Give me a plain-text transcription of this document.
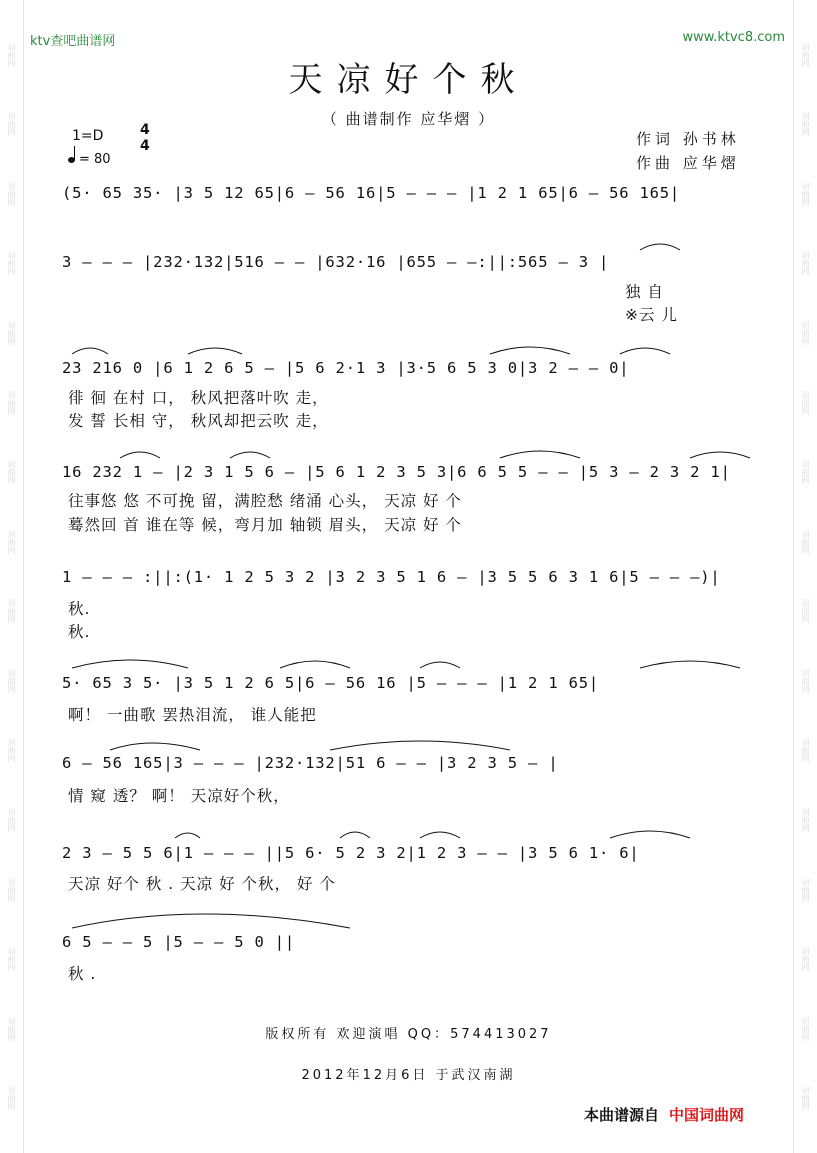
词曲网
词曲网
词曲网
词曲网
词曲网
词曲网
词曲网
词曲网
词曲网
词曲网
词曲网
词曲网
词曲网
词曲网
词曲网
词曲网
词曲网
词曲网
词曲网
词曲网
词曲网
词曲网
词曲网
词曲网
词曲网
词曲网
词曲网
词曲网
词曲网
词曲网
词曲网
词曲网
ktv查吧曲谱网	www.ktvc8.com
天凉好个秋
（ 曲谱制作 应华熠 ）
1=D	4
4
= 80
作词 孙书林
作曲 应华熠
(5· 65 35· |3 5 12 65|6 – 56 16|5 – – – |1 2 1 65|6 – 56 165|
3 – – – |232·132|516 – – |632·16 |655 – –:||:565 – 3 |
独 自
※云 儿
23 216 0 |6 1 2 6 5 – |5 6 2·1 3 |3·5 6 5 3 0|3 2 – – 0|
徘 徊 在村 口， 秋风把落叶吹 走，
发 誓 长相 守， 秋风却把云吹 走，
16 232 1 – |2 3 1 5 6 – |5 6 1 2 3 5 3|6 6 5 5 – – |5 3 – 2 3 2 1|
往事悠 悠 不可挽 留，满腔愁 绪涌 心头， 天凉 好 个
蓦然回 首 谁在等 候，弯月加 轴锁 眉头， 天凉 好 个
1 – – – :||:(1· 1 2 5 3 2 |3 2 3 5 1 6 – |3 5 5 6 3 1 6|5 – – –)|
秋.
秋.
5· 65 3 5· |3 5 1 2 6 5|6 – 56 16 |5 – – – |1 2 1 65|
啊！ 一曲歌 罢热泪流， 谁人能把
6 – 56 165|3 – – – |232·132|51 6 – – |3 2 3 5 – |
情 窥 透？ 啊！ 天凉好个秋，
2 3 – 5 5 6|1 – – – ||5 6· 5 2 3 2|1 2 3 – – |3 5 6 1· 6|
天凉 好个 秋 . 天凉 好 个秋， 好 个
6 5 – – 5 |5 – – 5 0 ||
秋 .
版权所有 欢迎演唱 QQ：574413027
2012年12月6日 于武汉南湖
本曲谱源自 中国词曲网
